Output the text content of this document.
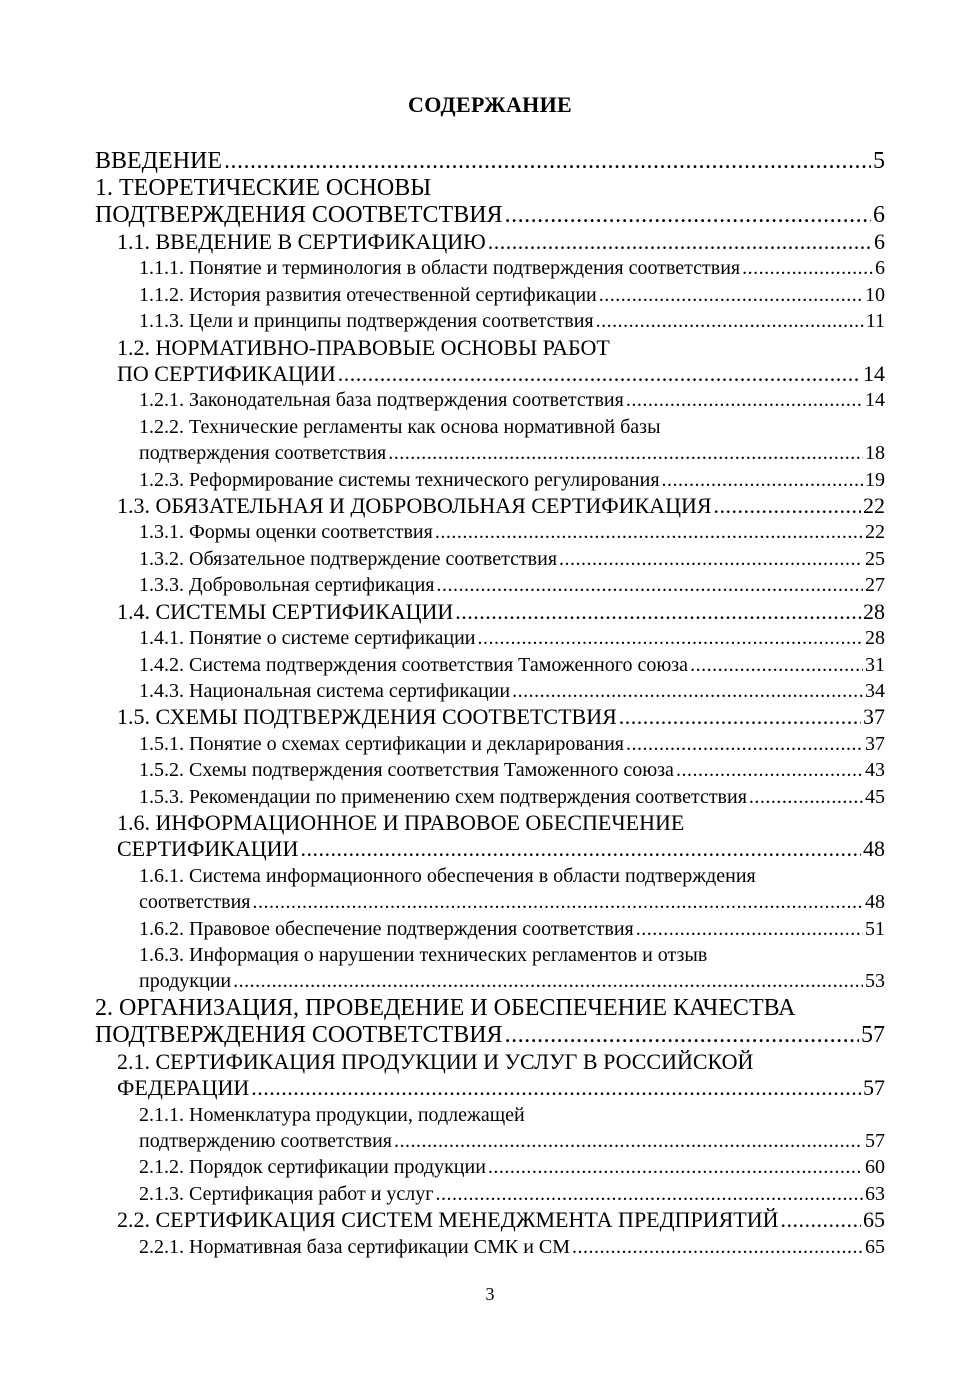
СОДЕРЖАНИЕ
ВВЕДЕНИЕ .....	5
1. ТЕОРЕТИЧЕСКИЕ ОСНОВЫ
ПОДТВЕРЖДЕНИЯ СООТВЕТСТВИЯ .....	6
1.1. ВВЕДЕНИЕ В СЕРТИФИКАЦИЮ .....	6
1.1.1. Понятие и терминология в области подтверждения соответствия .....	6
1.1.2. История развития отечественной сертификации .....	10
1.1.3. Цели и принципы подтверждения соответствия .....	11
1.2. НОРМАТИВНО-ПРАВОВЫЕ ОСНОВЫ РАБОТ
ПО СЕРТИФИКАЦИИ .....	14
1.2.1. Законодательная база подтверждения соответствия .....	14
1.2.2. Технические регламенты как основа нормативной базы
подтверждения соответствия .....	18
1.2.3. Реформирование системы технического регулирования .....	19
1.3. ОБЯЗАТЕЛЬНАЯ И ДОБРОВОЛЬНАЯ СЕРТИФИКАЦИЯ .....	22
1.3.1. Формы оценки соответствия .....	22
1.3.2. Обязательное подтверждение соответствия .....	25
1.3.3. Добровольная сертификация .....	27
1.4. СИСТЕМЫ СЕРТИФИКАЦИИ .....	28
1.4.1. Понятие о системе сертификации .....	28
1.4.2. Система подтверждения соответствия Таможенного союза .....	31
1.4.3. Национальная система сертификации .....	34
1.5. СХЕМЫ ПОДТВЕРЖДЕНИЯ СООТВЕТСТВИЯ .....	37
1.5.1. Понятие о схемах сертификации и декларирования .....	37
1.5.2. Схемы подтверждения соответствия Таможенного союза .....	43
1.5.3. Рекомендации по применению схем подтверждения соответствия .....	45
1.6. ИНФОРМАЦИОННОЕ И ПРАВОВОЕ ОБЕСПЕЧЕНИЕ
СЕРТИФИКАЦИИ .....	48
1.6.1. Система информационного обеспечения в области подтверждения
соответствия .....	48
1.6.2. Правовое обеспечение подтверждения соответствия .....	51
1.6.3. Информация о нарушении технических регламентов и отзыв
продукции .....	53
2. ОРГАНИЗАЦИЯ, ПРОВЕДЕНИЕ И ОБЕСПЕЧЕНИЕ КАЧЕСТВА
ПОДТВЕРЖДЕНИЯ СООТВЕТСТВИЯ .....	57
2.1. СЕРТИФИКАЦИЯ ПРОДУКЦИИ И УСЛУГ В РОССИЙСКОЙ
ФЕДЕРАЦИИ .....	57
2.1.1. Номенклатура продукции, подлежащей
подтверждению соответствия .....	57
2.1.2. Порядок сертификации продукции .....	60
2.1.3. Сертификация работ и услуг .....	63
2.2. СЕРТИФИКАЦИЯ СИСТЕМ МЕНЕДЖМЕНТА ПРЕДПРИЯТИЙ .....	65
2.2.1. Нормативная база сертификации СМК и СМ .....	65
3
